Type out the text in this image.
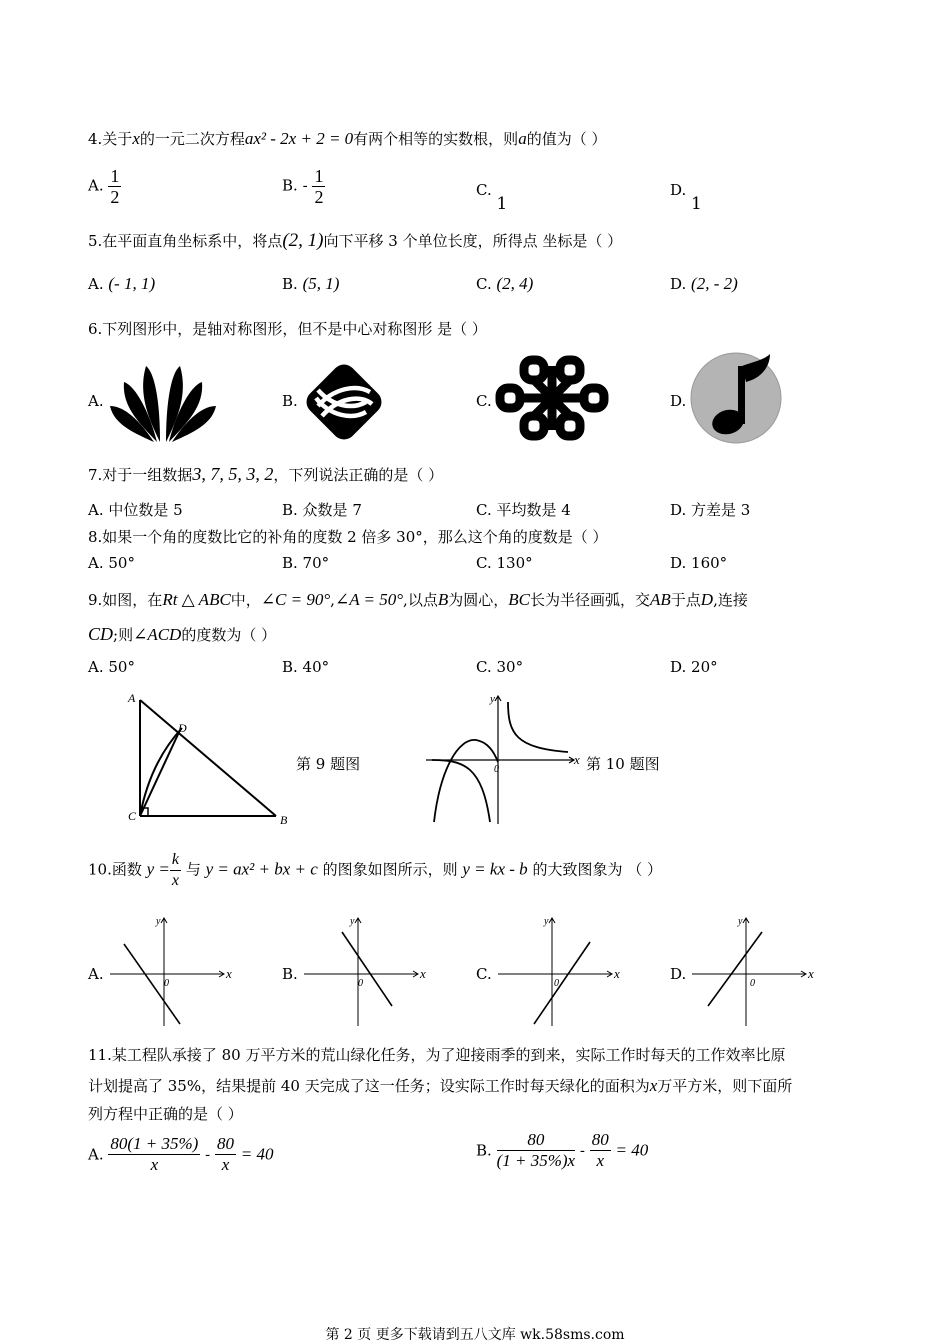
4.关于x的一元二次方程ax² - 2x + 2 = 0有两个相等的实数根，则a的值为（ ）
A. $\frac{1}{2}$	B. - $\frac{1}{2}$	C. 1
D. 1
5.在平面直角坐标系中，将点(2, 1)向下平移 3 个单位长度，所得点 坐标是（ ）
A. (- 1, 1)	B. (5, 1)	C. (2, 4)	D. (2, - 2)
6.下列图形中，是轴对称图形，但不是中心对称图形 是（ ）
A.	B.	C.	D.
7.对于一组数据3, 7, 5, 3, 2，下列说法正确的是（ ）
A. 中位数是 5	B. 众数是 7	C. 平均数是 4	D. 方差是 3
8.如果一个角的度数比它的补角的度数 2 倍多 30°，那么这个角的度数是（ ）
A. 50°	B. 70°	C. 130°	D. 160°
9.如图，在Rt △ ABC中，∠C = 90°,∠A = 50°,以点B为圆心，BC长为半径画弧，交AB于点D,连接
CD;则∠ACD的度数为（ ）
A. 50°	B. 40°	C. 30°	D. 20°
A
B
C
D
第 9 题图
y
x
0	第 10 题图
10.函数 $y = \frac{k}{x}$ 与 y = ax² + bx + c 的图象如图所示，则 y = kx - b 的大致图象为 （ ）
A.
y
x
0
B.
y
x
0
C.
y
x
0
D.
y
x
0
11.某工程队承接了 80 万平方米的荒山绿化任务，为了迎接雨季的到来，实际工作时每天的工作效率比原
计划提高了 35%，结果提前 40 天完成了这一任务；设实际工作时每天绿化的面积为x万平方米，则下面所
列方程中正确的是（ ）
A. $\frac{80(1 + 35\%)}{x} - \frac{80}{x} = 40$	B. $\frac{80}{(1 + 35\%)x} - \frac{80}{x} = 40$
第 2 页 更多下载请到五八文库 wk.58sms.com
